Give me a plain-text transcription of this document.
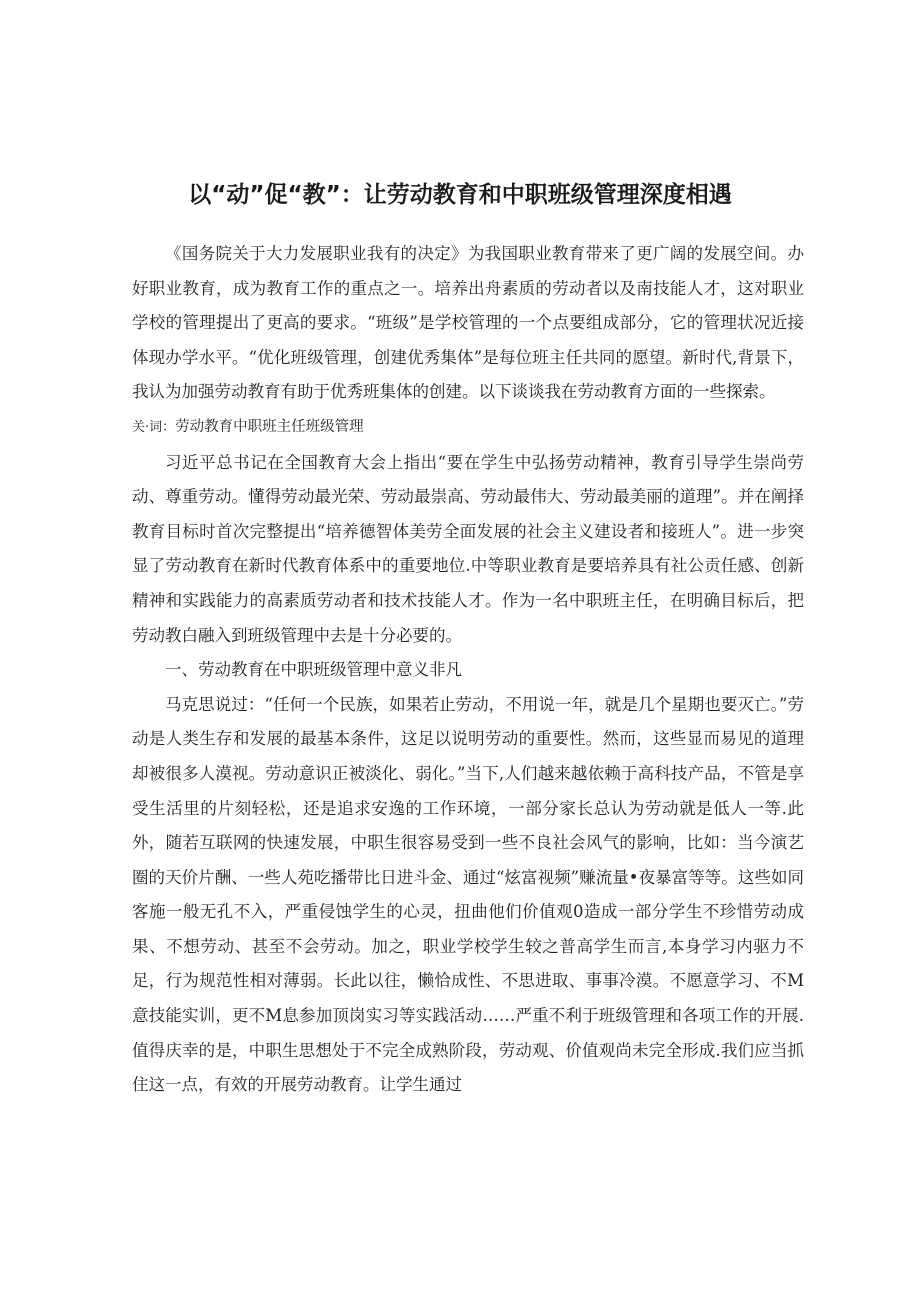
以“动”促“教”：让劳动教育和中职班级管理深度相遇

《国务院关于大力发展职业我有的决定》为我国职业教育带来了更广阔的发展空间。办好职业教育，成为教育工作的重点之一。培养出舟素质的劳动者以及南技能人才，这对职业学校的管理提出了更高的要求。“班级”是学校管理的一个点要组成部分，它的管理状况近接体现办学水平。“优化班级管理，创建优秀集体”是每位班主任共同的愿望。新时代,背景下，我认为加强劳动教育有助于优秀班集体的创建。以下谈谈我在劳动教育方面的一些探索。

关·词：劳动教育中职班主任班级管理

习近平总书记在全国教育大会上指出“要在学生中弘扬劳动精神，教育引导学生崇尚劳动、尊重劳动。懂得劳动最光荣、劳动最崇高、劳动最伟大、劳动最美丽的道理”。并在阐择教育目标时首次完整提出“培养德智体美劳全面发展的社会主义建设者和接班人”。进一步突显了劳动教育在新时代教育体系中的重要地位.中等职业教育是要培养具有社公贡任感、创新精神和实践能力的高素质劳动者和技术技能人才。作为一名中职班主任，在明确目标后，把劳动教白融入到班级管理中去是十分必要的。

一、劳动教育在中职班级管理中意义非凡

马克思说过：“任何一个民族，如果若止劳动，不用说一年，就是几个星期也要灭亡。”劳动是人类生存和发展的最基本条件，这足以说明劳动的重要性。然而，这些显而易见的道理却被很多人漠视。劳动意识正被淡化、弱化。”当下,人们越来越依赖于高科技产品，不管是享受生活里的片刻轻松，还是追求安逸的工作环境，一部分家长总认为劳动就是低人一等.此外，随若互联网的快速发展，中职生很容易受到一些不良社会风气的影响，比如：当今演艺圈的天价片酬、一些人苑吃播带比日进斗金、通过“炫富视频”赚流量•夜暴富等等。这些如同客施一般无孔不入，严重侵蚀学生的心灵，扭曲他们价值观0造成一部分学生不珍惜劳动成果、不想劳动、甚至不会劳动。加之，职业学校学生较之普高学生而言,本身学习内驱力不足，行为规范性相对薄弱。长此以往，懒恰成性、不思进取、事事冷漠。不愿意学习、不M意技能实训，更不M息参加顶岗实习等实践活动……严重不利于班级管理和各项工作的开展.值得庆幸的是，中职生思想处于不完全成熟阶段，劳动观、价值观尚未完全形成.我们应当抓住这一点，有效的开展劳动教育。让学生通过
